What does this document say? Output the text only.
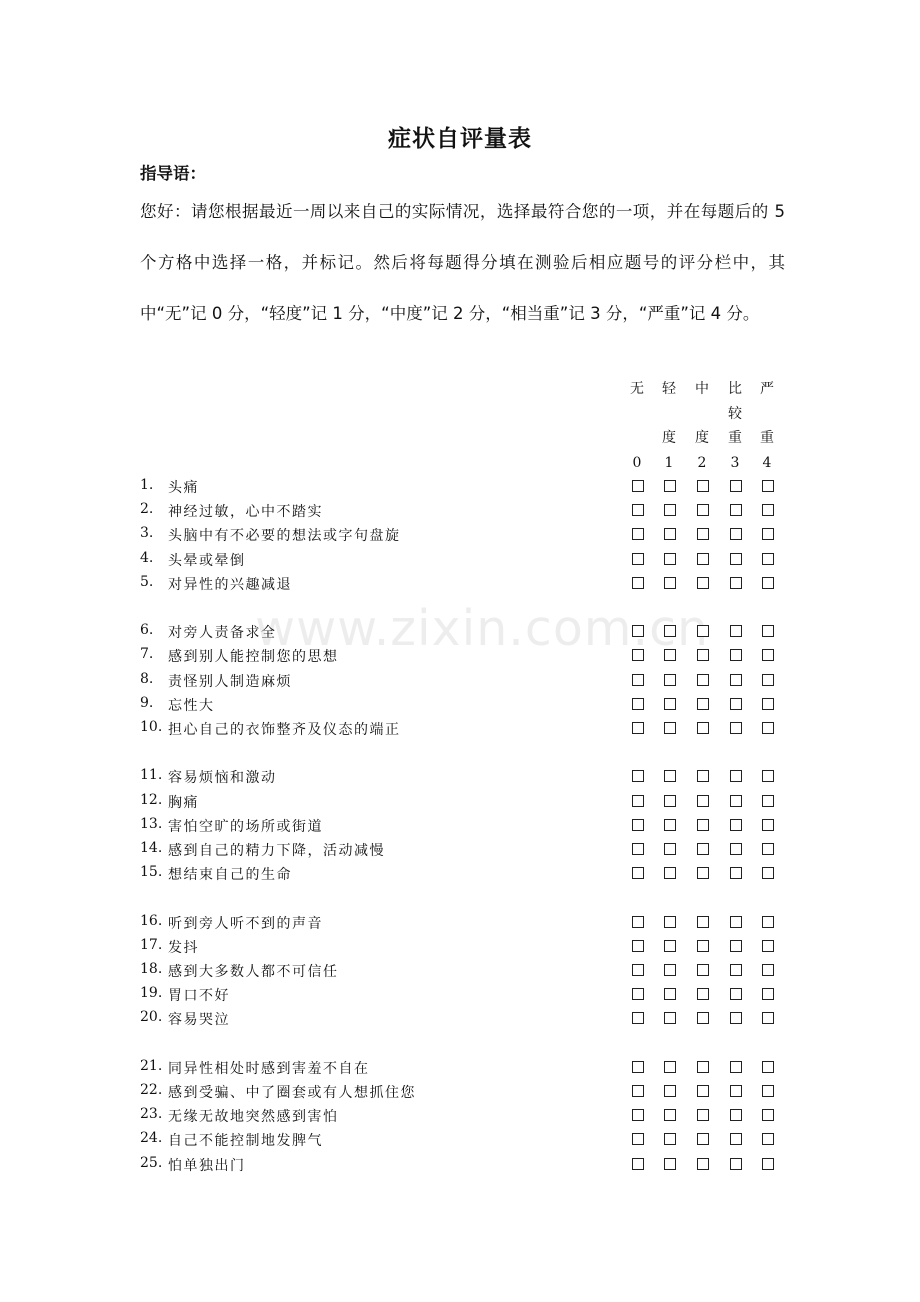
www.zixin.com.cn
症状自评量表
指导语：
您好：请您根据最近一周以来自己的实际情况，选择最符合您的一项，并在每题后的 5 个方格中选择一格，并标记。然后将每题得分填在测验后相应题号的评分栏中，其中“无”记 0 分，“轻度”记 1 分，“中度”记 2 分，“相当重”记 3 分，“严重”记 4 分。
无
0
轻
度
1
中
度
2
比
较
重
3
严
重
4
1. 头痛
2. 神经过敏，心中不踏实
3. 头脑中有不必要的想法或字句盘旋
4. 头晕或晕倒
5. 对异性的兴趣减退
6. 对旁人责备求全
7. 感到别人能控制您的思想
8. 责怪别人制造麻烦
9. 忘性大
10. 担心自己的衣饰整齐及仪态的端正
11. 容易烦恼和激动
12. 胸痛
13. 害怕空旷的场所或街道
14. 感到自己的精力下降，活动减慢
15. 想结束自己的生命
16. 听到旁人听不到的声音
17. 发抖
18. 感到大多数人都不可信任
19. 胃口不好
20. 容易哭泣
21. 同异性相处时感到害羞不自在
22. 感到受骗、中了圈套或有人想抓住您
23. 无缘无故地突然感到害怕
24. 自己不能控制地发脾气
25. 怕单独出门
